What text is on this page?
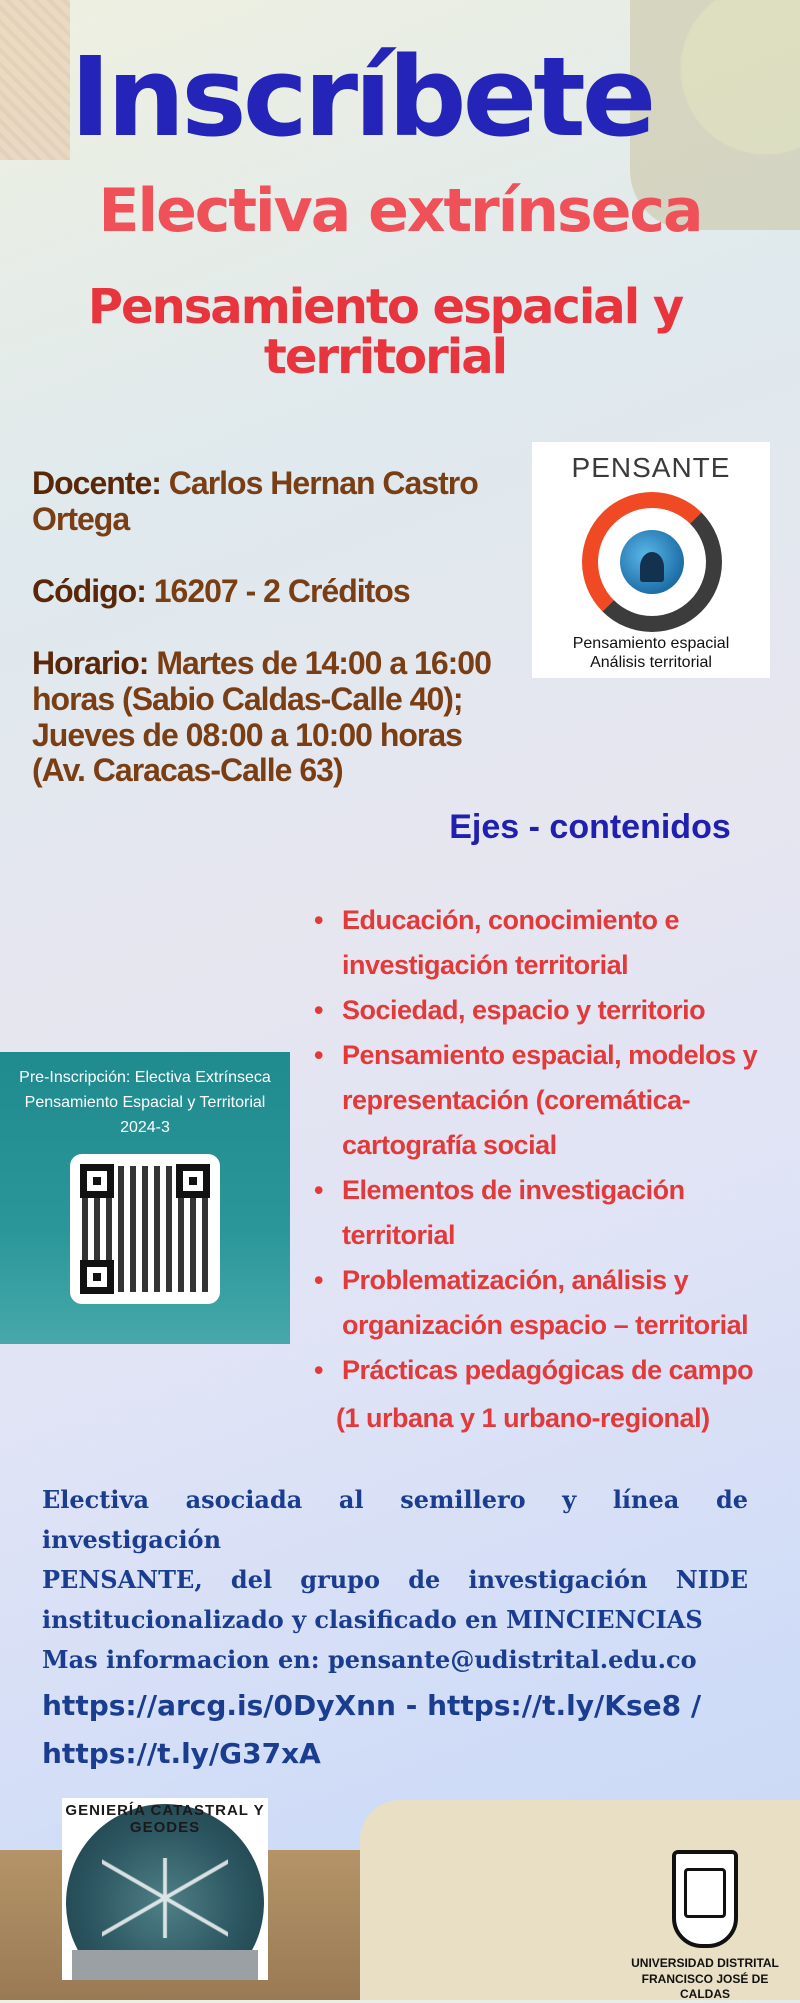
Inscríbete
Electiva extrínseca
Pensamiento espacial y
territorial
Docente: Carlos Hernan Castro Ortega
Código: 16207 - 2 Créditos
Horario: Martes de 14:00 a 16:00 horas (Sabio Caldas-Calle 40); Jueves de 08:00 a 10:00 horas (Av. Caracas-Calle 63)
PENSANTE
Pensamiento espacial
Análisis territorial
Ejes - contenidos
• Educación, conocimiento e investigación territorial
• Sociedad, espacio y territorio
• Pensamiento espacial, modelos y representación (coremática-cartografía social
• Elementos de investigación territorial
• Problematización, análisis y organización espacio – territorial
• Prácticas pedagógicas de campo
(1 urbana y 1 urbano-regional)
Pre-Inscripción: Electiva Extrínseca
Pensamiento Espacial y Territorial
2024-3
Electiva asociada al semillero y línea de investigación
PENSANTE, del grupo de investigación NIDE
institucionalizado y clasificado en MINCIENCIAS
Mas informacion en: pensante@udistrital.edu.co
https://arcg.is/0DyXnn - https://t.ly/Kse8 /
https://t.ly/G37xA
GENIERÍA CATASTRAL Y GEODES
UNIVERSIDAD DISTRITAL
FRANCISCO JOSÉ DE CALDAS
